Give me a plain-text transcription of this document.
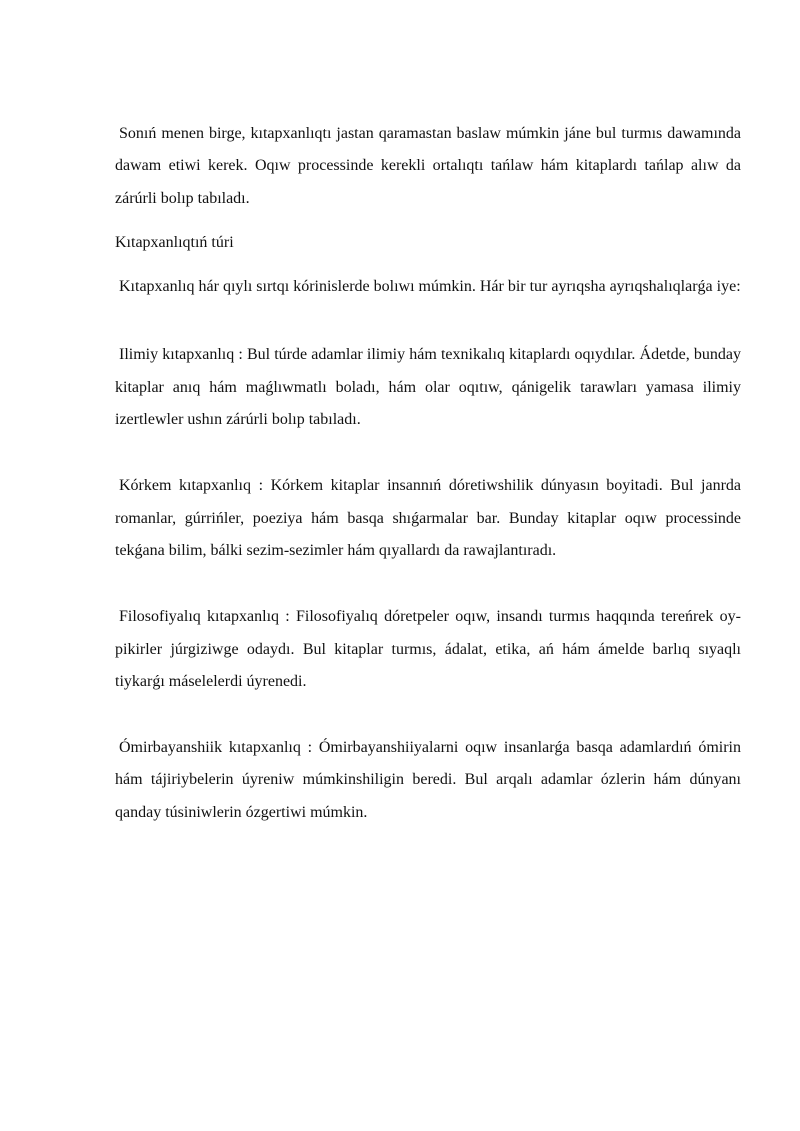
Sonıń menen birge, kıtapxanlıqtı jastan qaramastan baslaw múmkin jáne bul turmıs dawamında dawam etiwi kerek. Oqıw processinde kerekli ortalıqtı tańlaw hám kitaplardı tańlap alıw da zárúrli bolıp tabıladı.

Kıtapxanlıqtıń túri

Kıtapxanlıq hár qıylı sırtqı kórinislerde bolıwı múmkin. Hár bir tur ayrıqsha ayrıqshalıqlarǵa iye:

Ilimiy kıtapxanlıq : Bul túrde adamlar ilimiy hám texnikalıq kitaplardı oqıydılar. Ádetde, bunday kitaplar anıq hám maǵlıwmatlı boladı, hám olar oqıtıw, qánigelik tarawları yamasa ilimiy izertlewler ushın zárúrli bolıp tabıladı.

Kórkem kıtapxanlıq : Kórkem kitaplar insannıń dóretiwshilik dúnyasın boyitadi. Bul janrda romanlar, gúrrińler, poeziya hám basqa shıǵarmalar bar. Bunday kitaplar oqıw processinde tekǵana bilim, bálki sezim-sezimler hám qıyallardı da rawajlantıradı.

Filosofiyalıq kıtapxanlıq : Filosofiyalıq dóretpeler oqıw, insandı turmıs haqqında tereńrek oy-pikirler júrgiziwge odaydı. Bul kitaplar turmıs, ádalat, etika, ań hám ámelde barlıq sıyaqlı tiykarǵı máselelerdi úyrenedi.

Ómirbayanshiik kıtapxanlıq : Ómirbayanshiiyalarni oqıw insanlarǵa basqa adamlardıń ómirin hám tájiriybelerin úyreniw múmkinshiligin beredi. Bul arqalı adamlar ózlerin hám dúnyanı qanday túsiniwlerin ózgertiwi múmkin.
